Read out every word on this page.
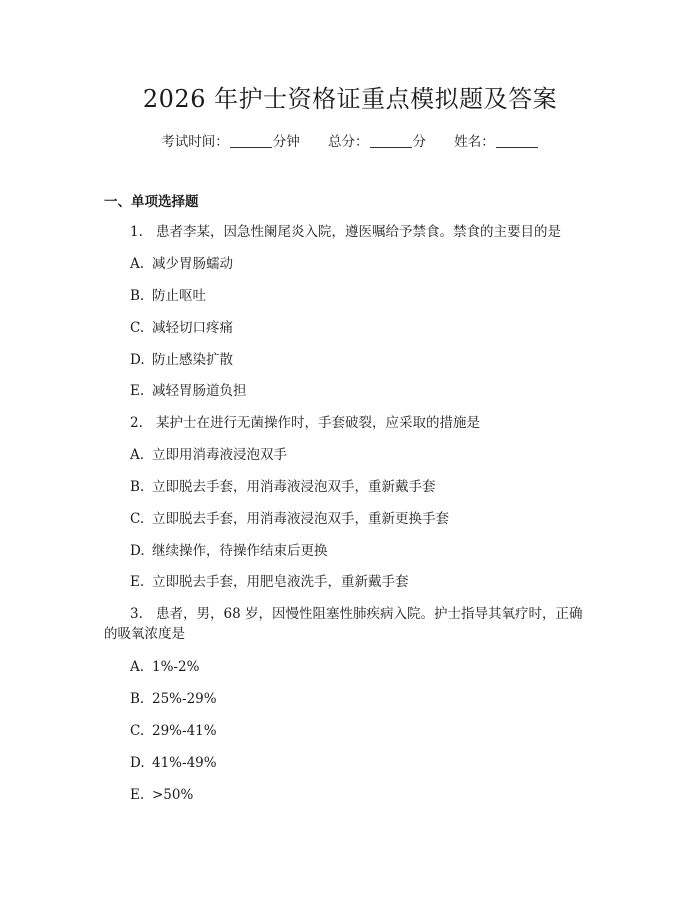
2026 年护士资格证重点模拟题及答案
考试时间：	分钟 总分：	分 姓名：
一、单项选择题
1. 患者李某，因急性阑尾炎入院，遵医嘱给予禁食。禁食的主要目的是
A. 减少胃肠蠕动
B. 防止呕吐
C. 减轻切口疼痛
D. 防止感染扩散
E. 减轻胃肠道负担
2. 某护士在进行无菌操作时，手套破裂，应采取的措施是
A. 立即用消毒液浸泡双手
B. 立即脱去手套，用消毒液浸泡双手，重新戴手套
C. 立即脱去手套，用消毒液浸泡双手，重新更换手套
D. 继续操作，待操作结束后更换
E. 立即脱去手套，用肥皂液洗手，重新戴手套
3. 患者，男，68 岁，因慢性阻塞性肺疾病入院。护士指导其氧疗时，正确
的吸氧浓度是
A. 1%-2%
B. 25%-29%
C. 29%-41%
D. 41%-49%
E. >50%
